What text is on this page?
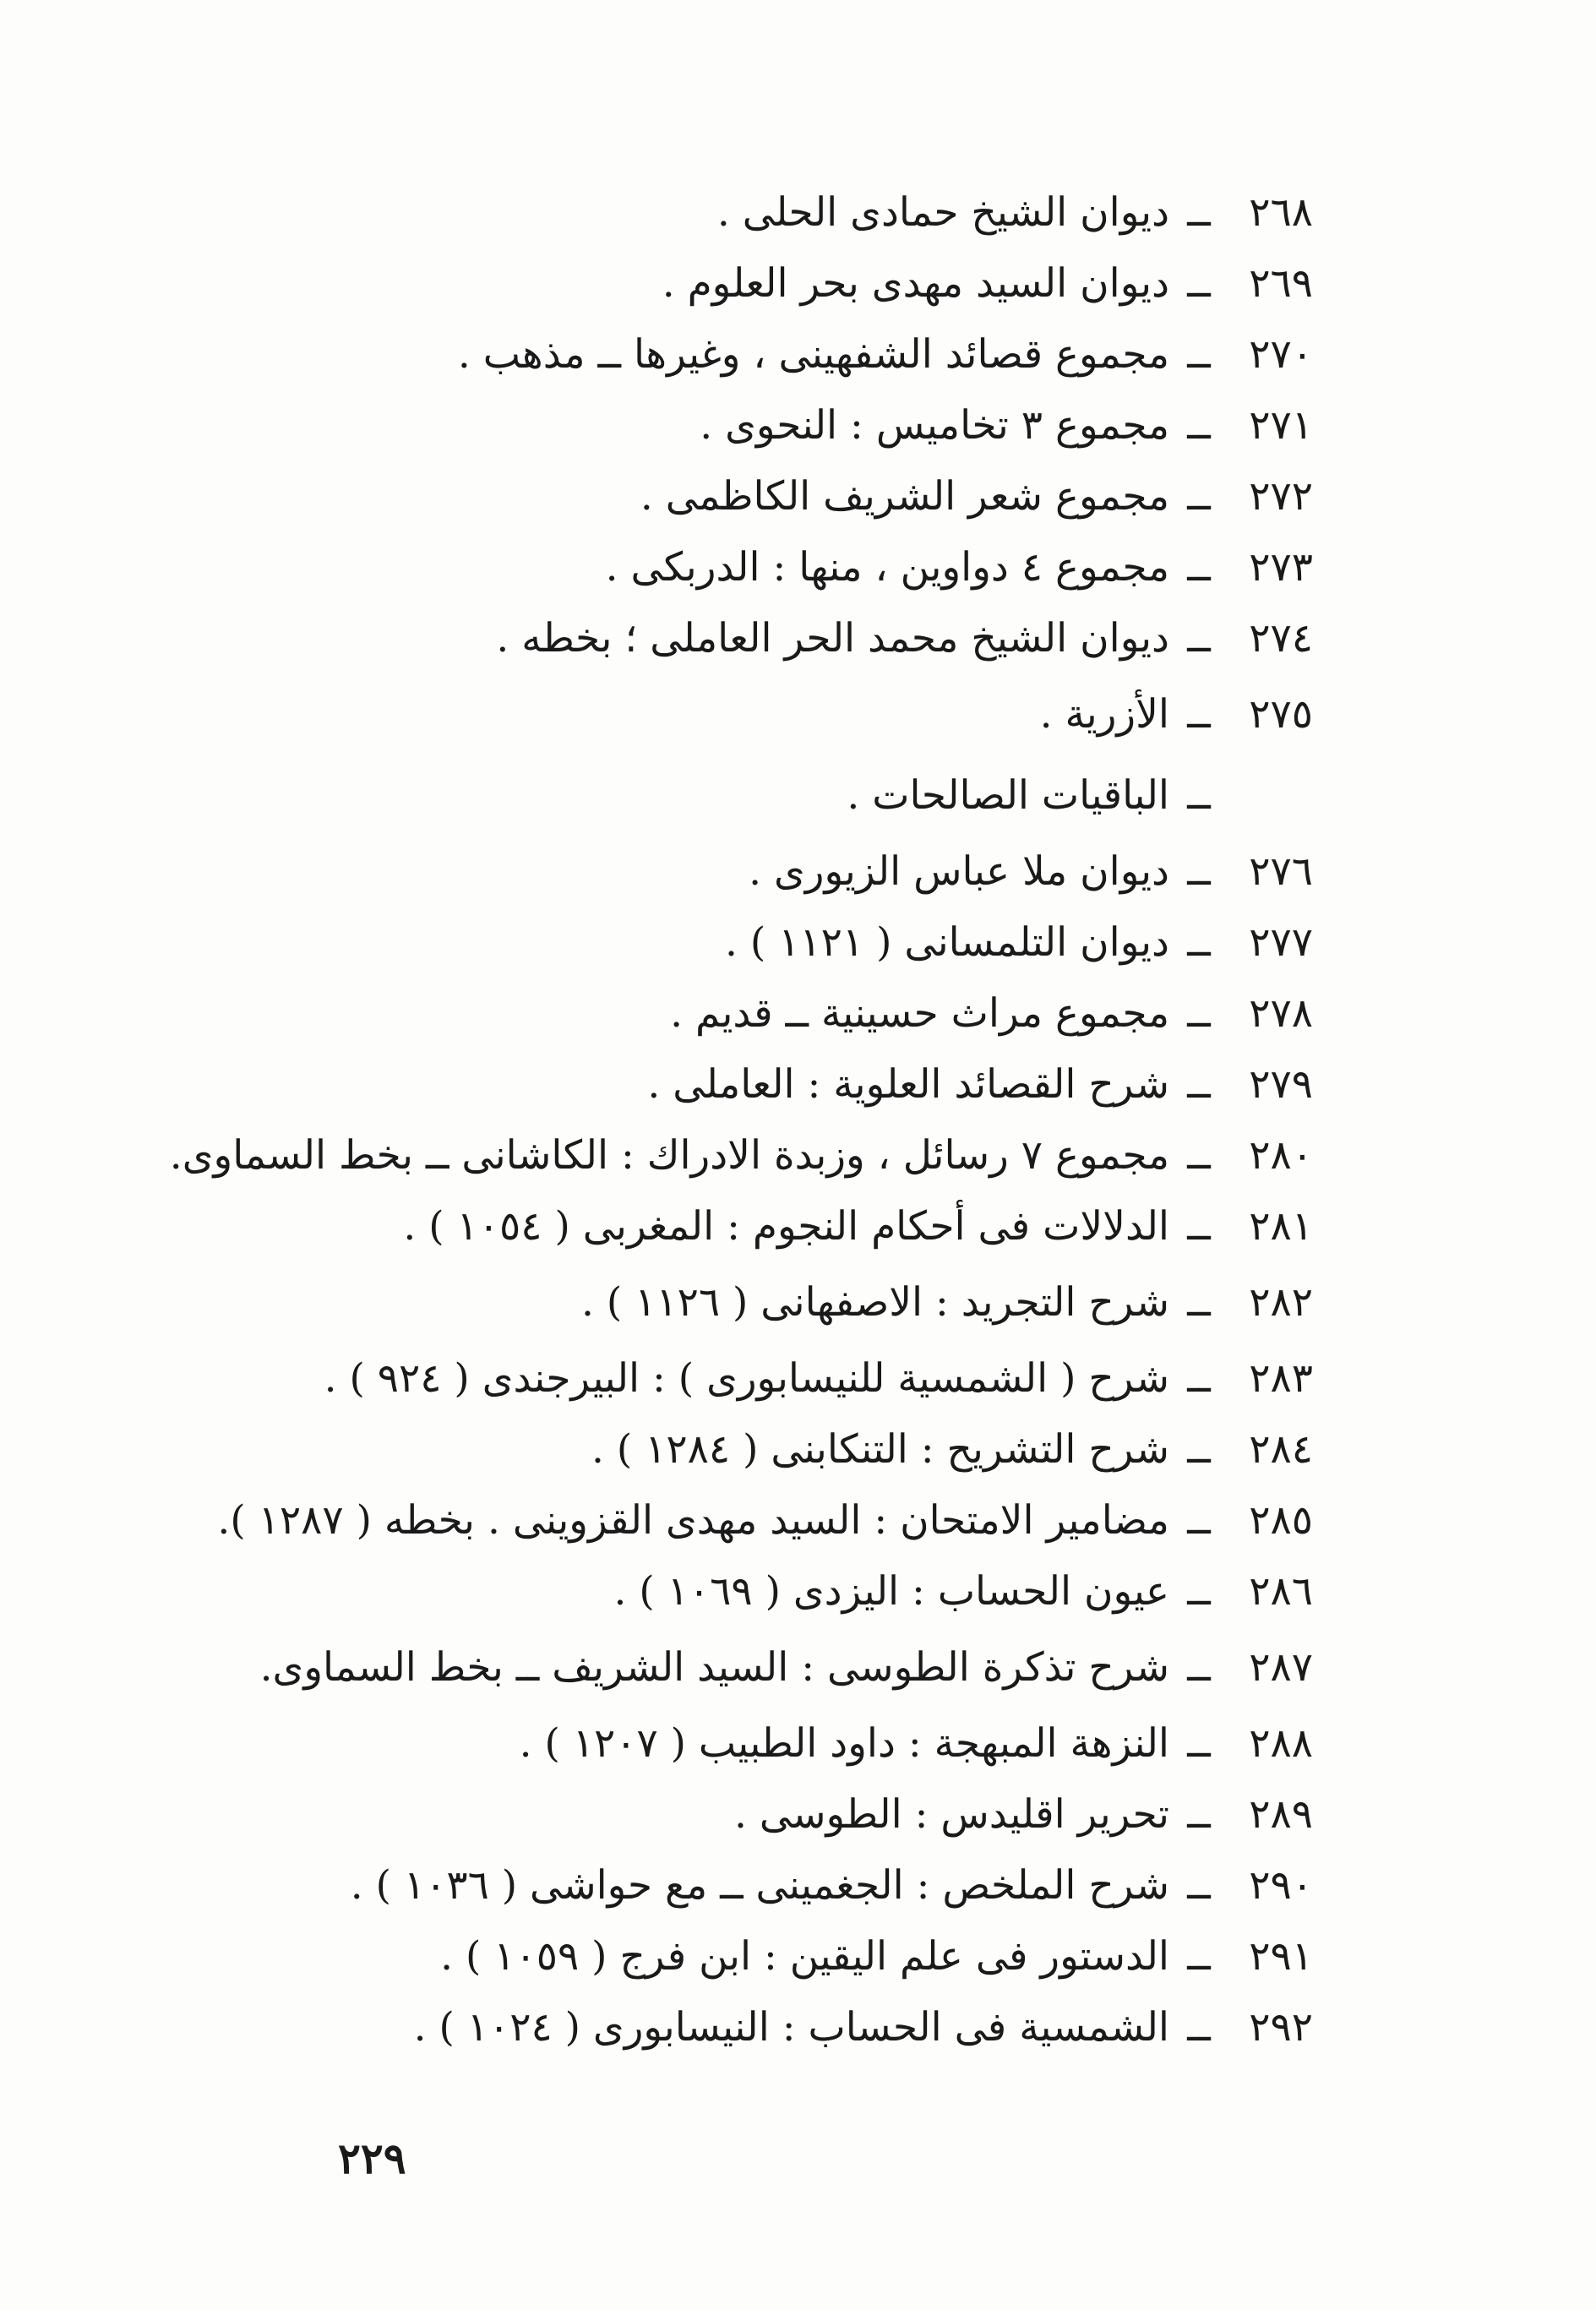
٢٦٨
ــ
ديوان الشيخ حمادى الحلى .
٢٦٩
ــ
ديوان السيد مهدى بحر العلوم .
٢٧٠
ــ
مجموع قصائد الشفهينى ، وغيرها ــ مذهب .
٢٧١
ــ
مجموع ٣ تخاميس : النحوى .
٢٧٢
ــ
مجموع شعر الشريف الكاظمى .
٢٧٣
ــ
مجموع ٤ دواوين ، منها : الدربكى .
٢٧٤
ــ
ديوان الشيخ محمد الحر العاملى ؛ بخطه .
٢٧٥
ــ
الأزرية .
ــ
الباقيات الصالحات .
٢٧٦
ــ
ديوان ملا عباس الزيورى .
٢٧٧
ــ
ديوان التلمسانى ( ١١٢١ ) .
٢٧٨
ــ
مجموع مراث حسينية ــ قديم .
٢٧٩
ــ
شرح القصائد العلوية : العاملى .
٢٨٠
ــ
مجموع ٧ رسائل ، وزبدة الادراك : الكاشانى ــ بخط السماوى.
٢٨١
ــ
الدلالات فى أحكام النجوم : المغربى ( ١٠٥٤ ) .
٢٨٢
ــ
شرح التجريد : الاصفهانى ( ١١٢٦ ) .
٢٨٣
ــ
شرح ( الشمسية للنيسابورى ) : البيرجندى ( ٩٢٤ ) .
٢٨٤
ــ
شرح التشريح : التنكابنى ( ١٢٨٤ ) .
٢٨٥
ــ
مضامير الامتحان : السيد مهدى القزوينى . بخطه ( ١٢٨٧ ).
٢٨٦
ــ
عيون الحساب : اليزدى ( ١٠٦٩ ) .
٢٨٧
ــ
شرح تذكرة الطوسى : السيد الشريف ــ بخط السماوى.
٢٨٨
ــ
النزهة المبهجة : داود الطبيب ( ١٢٠٧ ) .
٢٨٩
ــ
تحرير اقليدس : الطوسى .
٢٩٠
ــ
شرح الملخص : الجغمينى ــ مع حواشى ( ١٠٣٦ ) .
٢٩١
ــ
الدستور فى علم اليقين : ابن فرج ( ١٠٥٩ ) .
٢٩٢
ــ
الشمسية فى الحساب : النيسابورى ( ١٠٢٤ ) .
٢٢٩
